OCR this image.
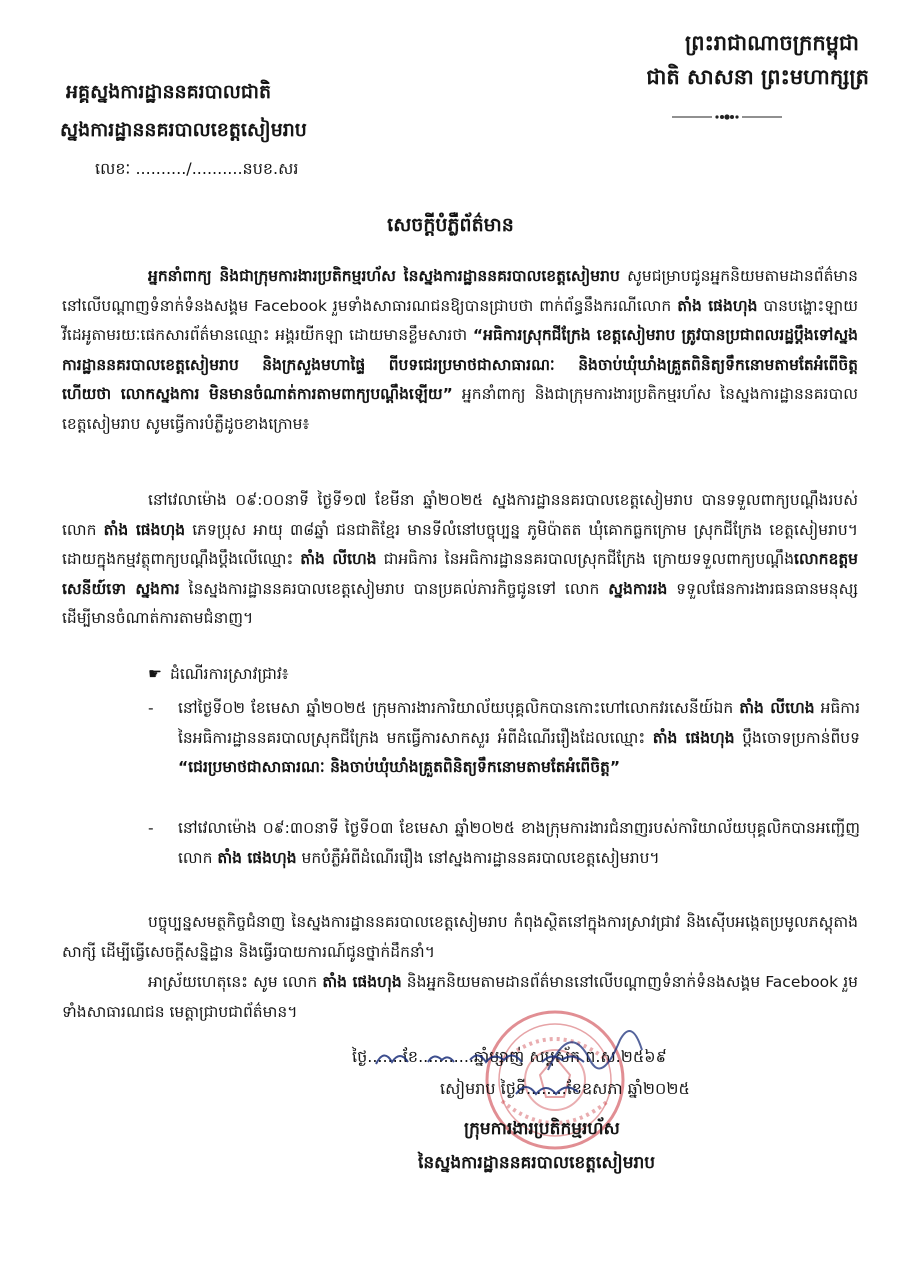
ព្រះរាជាណាចក្រកម្ពុជា
ជាតិ សាសនា ព្រះមហាក្សត្រ
អគ្គស្នងការដ្ឋាននគរបាលជាតិ
ស្នងការដ្ឋាននគរបាលខេត្តសៀមរាប
លេខៈ ........../..........នបខ.សរ
សេចក្តីបំភ្លឺព័ត៌មាន
អ្នកនាំពាក្យ និងជាក្រុមការងារប្រតិកម្មរហ័ស នៃស្នងការដ្ឋាននគរបាលខេត្តសៀមរាប សូមជម្រាបជូនអ្នកនិយមតាមដានព័ត៌មាននៅលើបណ្តាញទំនាក់ទំនងសង្គម Facebook រួមទាំងសាធារណជនឱ្យបានជ្រាបថា ពាក់ព័ន្ធនឹងករណីលោក តាំង ផេងហុង បានបង្ហោះឡាយវីដេអូតាមរយៈផេកសារព័ត៌មានឈ្មោះ អង្គរយីកឡា ដោយមានខ្លឹមសារថា “អធិការស្រុកជីក្រែង ខេត្តសៀមរាប ត្រូវបានប្រជាពលរដ្ឋប្តឹងទៅស្នងការដ្ឋាននគរបាលខេត្តសៀមរាប និងក្រសួងមហាផ្ទៃ ពីបទជេរប្រមាថជាសាធារណៈ និងចាប់ឃុំឃាំងគ្រួតពិនិត្យទឹកនោមតាមតែអំពើចិត្ត ហើយថា លោកស្នងការ មិនមានចំណាត់ការតាមពាក្យបណ្តឹងឡើយ” អ្នកនាំពាក្យ និងជាក្រុមការងារប្រតិកម្មរហ័ស នៃស្នងការដ្ឋាននគរបាលខេត្តសៀមរាប សូមធ្វើការបំភ្លឺដូចខាងក្រោម៖
នៅវេលាម៉ោង ០៩:០០នាទី ថ្ងៃទី១៧ ខែមីនា ឆ្នាំ២០២៥ ស្នងការដ្ឋាននគរបាលខេត្តសៀមរាប បានទទួលពាក្យបណ្តឹងរបស់លោក តាំង ផេងហុង ភេទប្រុស អាយុ ៣៨ឆ្នាំ ជនជាតិខ្មែរ មានទីលំនៅបច្ចុប្បន្ន ភូមិប៉ាតត ឃុំគោកធ្លកក្រោម ស្រុកជីក្រែង ខេត្តសៀមរាប។ ដោយក្នុងកម្មវត្ថុពាក្យបណ្តឹងប្តឹងលើឈ្មោះ តាំង លីហេង ជាអធិការ នៃអធិការដ្ឋាននគរបាលស្រុកជីក្រែង ក្រោយទទួលពាក្យបណ្តឹងលោកឧត្តមសេនីយ៍ទោ ស្នងការ នៃស្នងការដ្ឋាននគរបាលខេត្តសៀមរាប បានប្រគល់ភារកិច្ចជូនទៅ លោក ស្នងការរង ទទួលផែនការងារធនធានមនុស្ស ដើម្បីមានចំណាត់ការតាមជំនាញ។
☛ ដំណើរការស្រាវជ្រាវ៖
-	នៅថ្ងៃទី០២ ខែមេសា ឆ្នាំ២០២៥ ក្រុមការងារការិយាល័យបុគ្គលិកបានកោះហៅលោកវរសេនីយ៍ឯក តាំង លីហេង អធិការ នៃអធិការដ្ឋាននគរបាលស្រុកជីក្រែង មកធ្វើការសាកសួរ អំពីដំណើររឿងដែលឈ្មោះ តាំង ផេងហុង ប្តឹងចោទប្រកាន់ពីបទ “ជេរប្រមាថជាសាធារណៈ និងចាប់ឃុំឃាំងគ្រួតពិនិត្យទឹកនោមតាមតែអំពើចិត្ត”
-	នៅវេលាម៉ោង ០៩:៣០នាទី ថ្ងៃទី០៣ ខែមេសា ឆ្នាំ២០២៥ ខាងក្រុមការងារជំនាញរបស់ការិយាល័យបុគ្គលិកបានអញ្ជើញលោក តាំង ផេងហុង មកបំភ្លឺអំពីដំណើររឿង នៅស្នងការដ្ឋាននគរបាលខេត្តសៀមរាប។
បច្ចុប្បន្នសមត្ថកិច្ចជំនាញ នៃស្នងការដ្ឋាននគរបាលខេត្តសៀមរាប កំពុងស្ថិតនៅក្នុងការស្រាវជ្រាវ និងស៊ើបអង្កេតប្រមូលភស្តុតាង សាក្សី ដើម្បីធ្វើសេចក្តីសន្និដ្ឋាន និងធ្វើរបាយការណ៍ជូនថ្នាក់ដឹកនាំ។
អាស្រ័យហេតុនេះ សូម លោក តាំង ផេងហុង និងអ្នកនិយមតាមដានព័ត៌មាននៅលើបណ្តាញទំនាក់ទំនងសង្គម Facebook រួមទាំងសាធារណជន មេត្តាជ្រាបជាព័ត៌មាន។
ថ្ងៃ.......ខែ...........ឆ្នាំម្សាញ់ សប្តស័ក ព.ស.២៥៦៩
សៀមរាប ថ្ងៃទី........ខែឧសភា ឆ្នាំ២០២៥
ក្រុមការងារប្រតិកម្មរហ័ស
នៃស្នងការដ្ឋាននគរបាលខេត្តសៀមរាប
